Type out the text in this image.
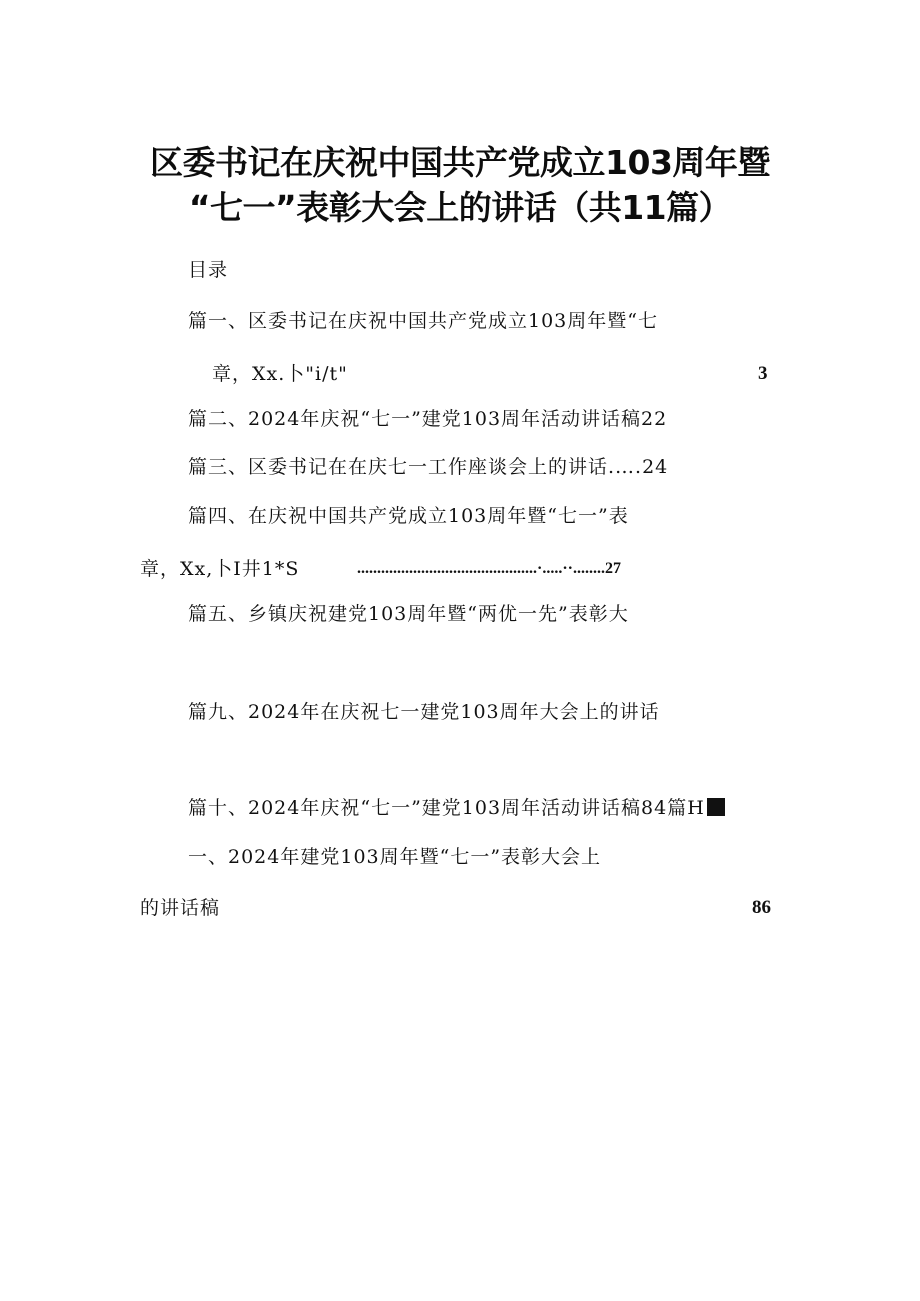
区委书记在庆祝中国共产党成立103周年暨
“七一”表彰大会上的讲话（共11篇）
目录
篇一、区委书记在庆祝中国共产党成立103周年暨“七
章，Xx.卜"i∕t"	3
篇二、2024年庆祝“七一”建党103周年活动讲话稿22
篇三、区委书记在在庆七一工作座谈会上的讲话.….24
篇四、在庆祝中国共产党成立103周年暨“七一”表
章，Xx,卜I井1*S	.............................................·.....··........27
篇五、乡镇庆祝建党103周年暨“两优一先”表彰大
篇九、2024年在庆祝七一建党103周年大会上的讲话
篇十、2024年庆祝“七一”建党103周年活动讲话稿84篇H
一、2024年建党103周年暨“七一”表彰大会上
的讲话稿	86
